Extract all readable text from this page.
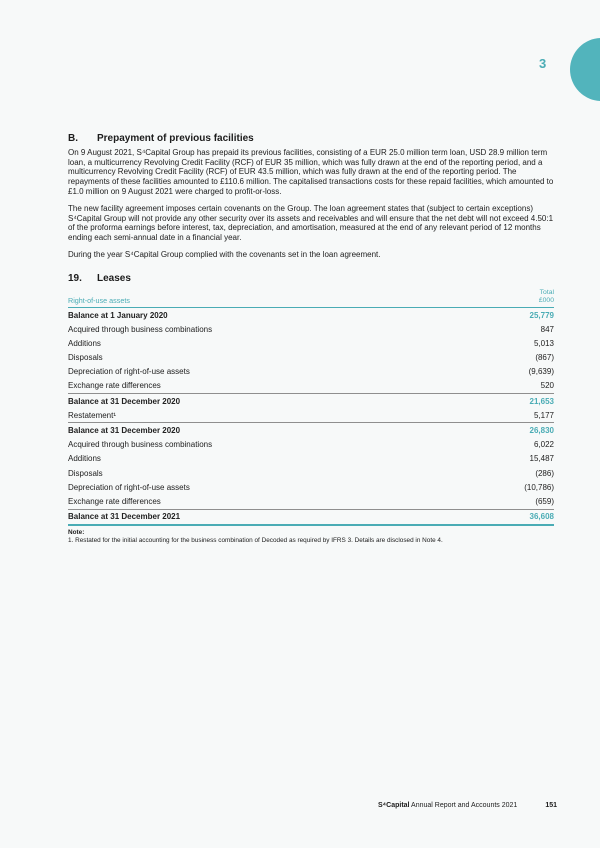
3
B.	Prepayment of previous facilities

On 9 August 2021, S⁴Capital Group has prepaid its previous facilities, consisting of a EUR 25.0 million term loan, USD 28.9 million term loan, a multicurrency Revolving Credit Facility (RCF) of EUR 35 million, which was fully drawn at the end of the reporting period, and a multicurrency Revolving Credit Facility (RCF) of EUR 43.5 million, which was fully drawn at the end of the reporting period. The repayments of these facilities amounted to £110.6 million. The capitalised transactions costs for these repaid facilities, which amounted to £1.0 million on 9 August 2021 were charged to profit-or-loss.

The new facility agreement imposes certain covenants on the Group. The loan agreement states that (subject to certain exceptions) S⁴Capital Group will not provide any other security over its assets and receivables and will ensure that the net debt will not exceed 4.50:1 of the proforma earnings before interest, tax, depreciation, and amortisation, measured at the end of any relevant period of 12 months ending each semi-annual date in a financial year.

During the year S⁴Capital Group complied with the covenants set in the loan agreement.

19.	Leases
Right-of-use assets
Total
£000
Balance at 1 January 2020	25,779
Acquired through business combinations	847
Additions	5,013
Disposals	(867)
Depreciation of right-of-use assets	(9,639)
Exchange rate differences	520
Balance at 31 December 2020	21,653
Restatement¹	5,177
Balance at 31 December 2020	26,830
Acquired through business combinations	6,022
Additions	15,487
Disposals	(286)
Depreciation of right-of-use assets	(10,786)
Exchange rate differences	(659)
Balance at 31 December 2021	36,608
Note:
1. Restated for the initial accounting for the business combination of Decoded as required by IFRS 3. Details are disclosed in Note 4.
S⁴Capital Annual Report and Accounts 2021	151
